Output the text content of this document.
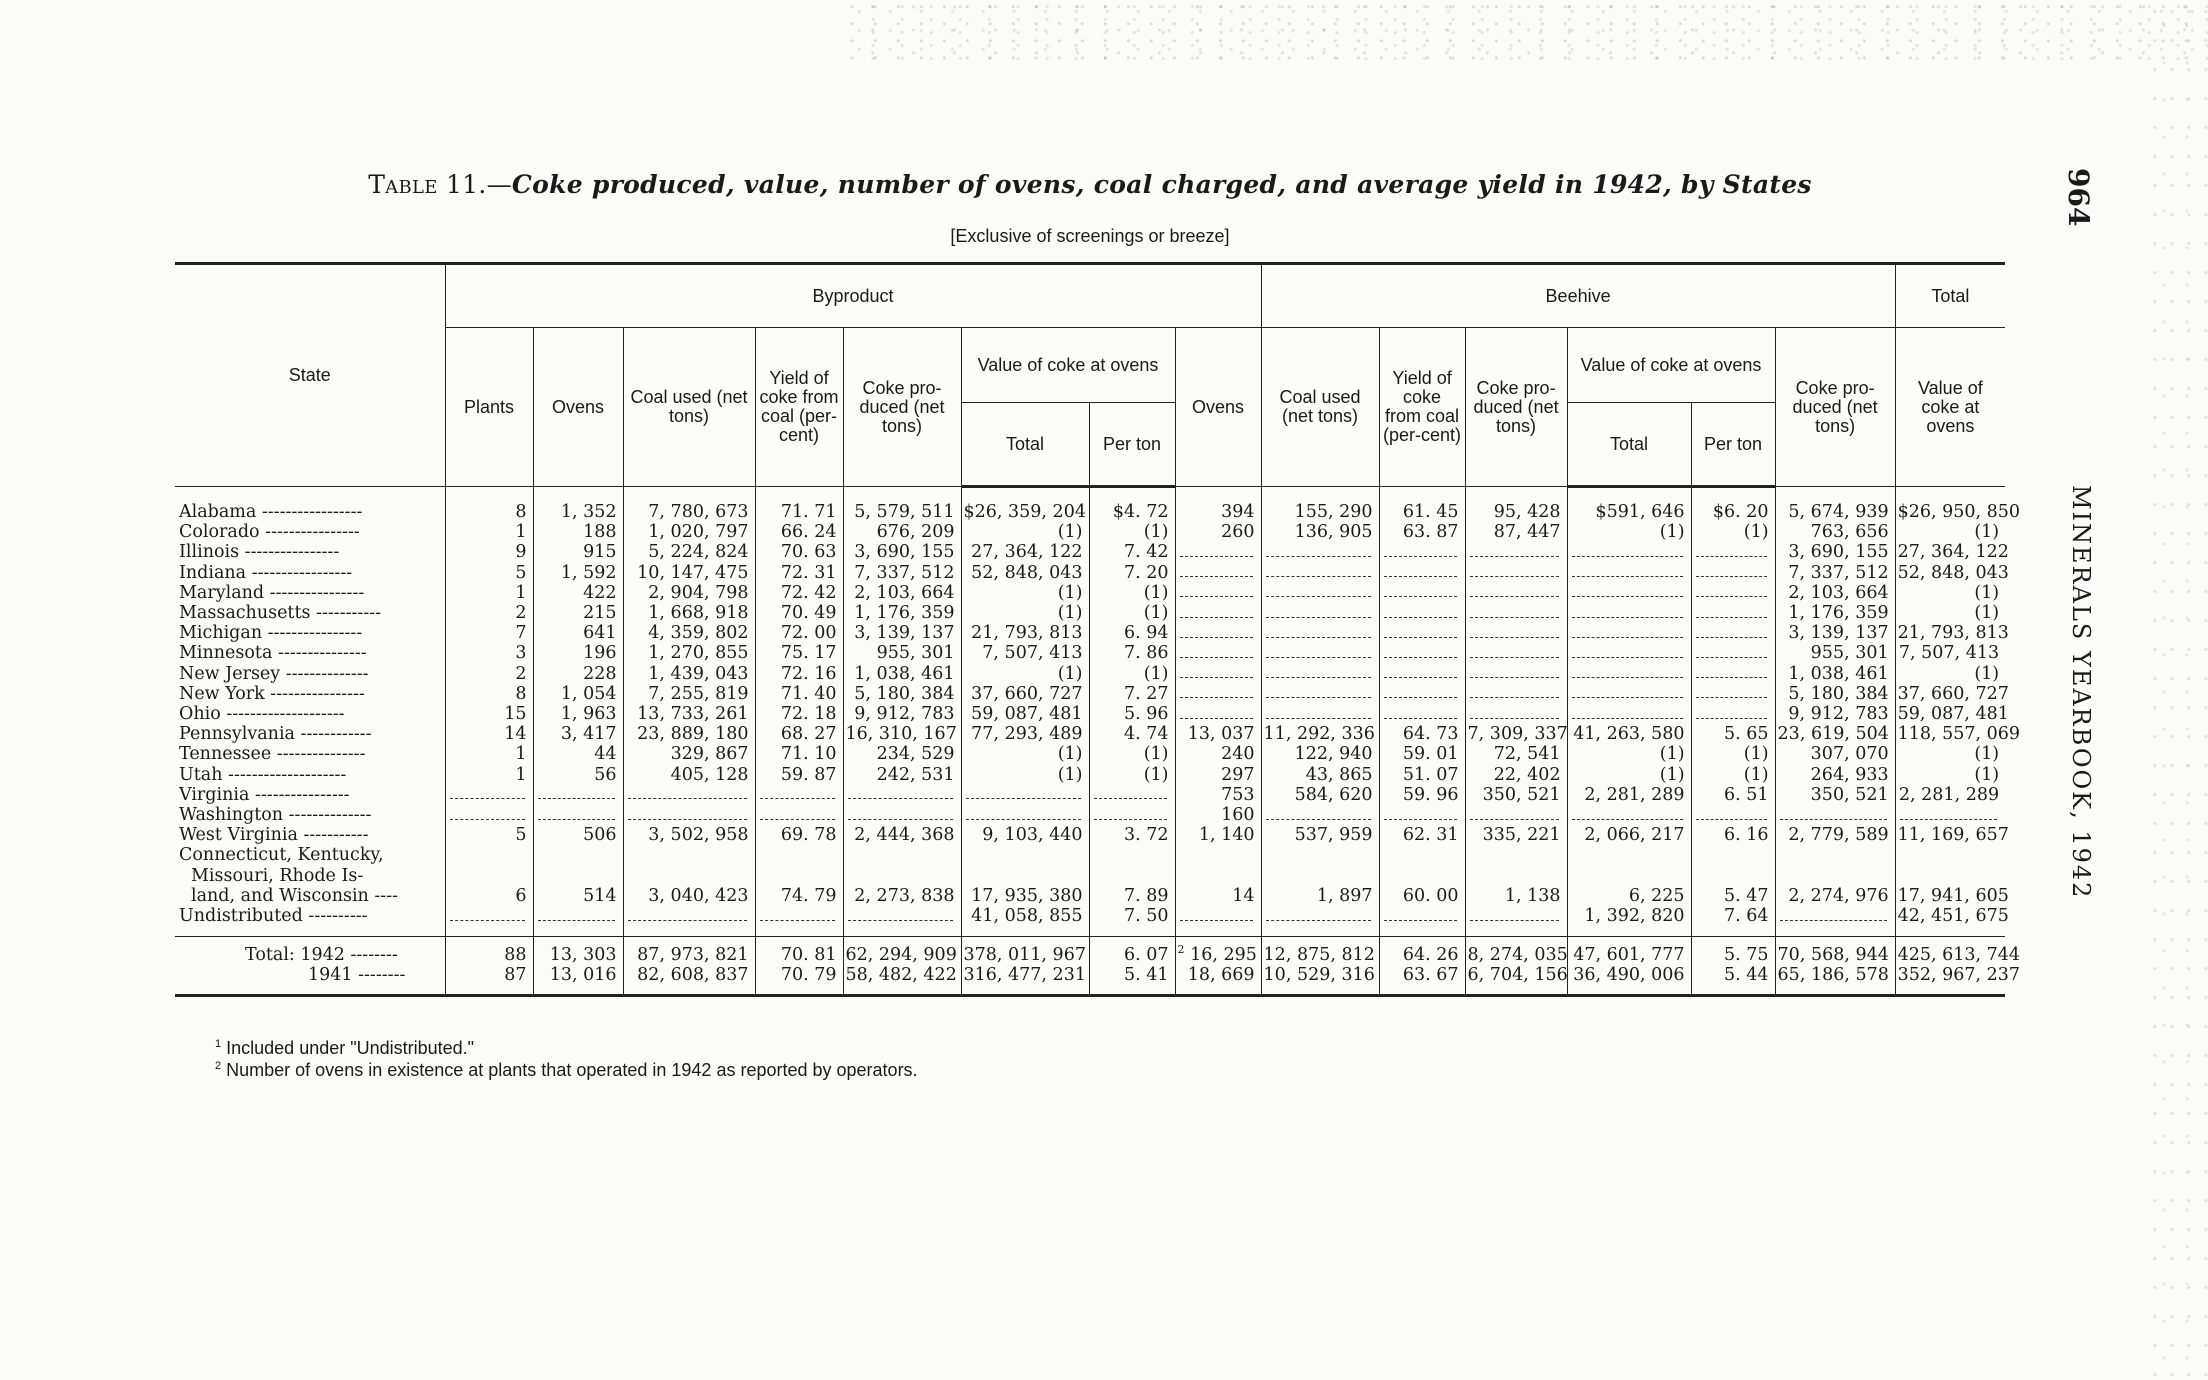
Table 11.—Coke produced, value, number of ovens, coal charged, and average yield in 1942, by States
[Exclusive of screenings or breeze]
964
MINERALS YEARBOOK, 1942
State	Byproduct								Beehive						Total
	Plants	Ovens	Coal used (net tons)	Yield of coke from coal (per-cent)	Coke pro-duced (net tons)	Value of coke at ovens		Ovens	Coal used (net tons)	Yield of coke from coal (per-cent)	Coke pro-duced (net tons)	Value of coke at ovens		Coke pro-duced (net tons)	Value of coke at ovens
						Total	Per ton					Total	Per ton		
Alabama -----------------	8	1, 352	7, 780, 673	71. 71	5, 579, 511	$26, 359, 204	$4. 72	394	155, 290	61. 45	95, 428	$591, 646	$6. 20	5, 674, 939	$26, 950, 850
Colorado ----------------	1	188	1, 020, 797	66. 24	676, 209	(1)	(1)	260	136, 905	63. 87	87, 447	(1)	(1)	763, 656	(1)
Illinois ----------------	9	915	5, 224, 824	70. 63	3, 690, 155	27, 364, 122	7. 42							3, 690, 155	27, 364, 122
Indiana -----------------	5	1, 592	10, 147, 475	72. 31	7, 337, 512	52, 848, 043	7. 20							7, 337, 512	52, 848, 043
Maryland ----------------	1	422	2, 904, 798	72. 42	2, 103, 664	(1)	(1)							2, 103, 664	(1)
Massachusetts -----------	2	215	1, 668, 918	70. 49	1, 176, 359	(1)	(1)							1, 176, 359	(1)
Michigan ----------------	7	641	4, 359, 802	72. 00	3, 139, 137	21, 793, 813	6. 94							3, 139, 137	21, 793, 813
Minnesota ---------------	3	196	1, 270, 855	75. 17	955, 301	7, 507, 413	7. 86							955, 301	7, 507, 413
New Jersey --------------	2	228	1, 439, 043	72. 16	1, 038, 461	(1)	(1)							1, 038, 461	(1)
New York ----------------	8	1, 054	7, 255, 819	71. 40	5, 180, 384	37, 660, 727	7. 27							5, 180, 384	37, 660, 727
Ohio --------------------	15	1, 963	13, 733, 261	72. 18	9, 912, 783	59, 087, 481	5. 96							9, 912, 783	59, 087, 481
Pennsylvania ------------	14	3, 417	23, 889, 180	68. 27	16, 310, 167	77, 293, 489	4. 74	13, 037	11, 292, 336	64. 73	7, 309, 337	41, 263, 580	5. 65	23, 619, 504	118, 557, 069
Tennessee ---------------	1	44	329, 867	71. 10	234, 529	(1)	(1)	240	122, 940	59. 01	72, 541	(1)	(1)	307, 070	(1)
Utah --------------------	1	56	405, 128	59. 87	242, 531	(1)	(1)	297	43, 865	51. 07	22, 402	(1)	(1)	264, 933	(1)
Virginia ----------------								753	584, 620	59. 96	350, 521	2, 281, 289	6. 51	350, 521	2, 281, 289
Washington --------------								160	

West Virginia -----------	5	506	3, 502, 958	69. 78	2, 444, 368	9, 103, 440	3. 72	1, 140	537, 959	62. 31	335, 221	2, 066, 217	6. 16	2, 779, 589	11, 169, 657
Connecticut, Kentucky,															
Missouri, Rhode Is-															
land, and Wisconsin ----	6	514	3, 040, 423	74. 79	2, 273, 838	17, 935, 380	7. 89	14	1, 897	60. 00	1, 138	6, 225	5. 47	2, 274, 976	17, 941, 605
Undistributed ----------						41, 058, 855	7. 50					1, 392, 820	7. 64		42, 451, 675
Total: 1942 --------	88	13, 303	87, 973, 821	70. 81	62, 294, 909	378, 011, 967	6. 07	$^2$ 16, 295	12, 875, 812	64. 26	8, 274, 035	47, 601, 777	5. 75	70, 568, 944	425, 613, 744
1941 --------	87	13, 016	82, 608, 837	70. 79	58, 482, 422	316, 477, 231	5. 41	18, 669	10, 529, 316	63. 67	6, 704, 156	36, 490, 006	5. 44	65, 186, 578	352, 967, 237
$^1$ Included under "Undistributed."
$^2$ Number of ovens in existence at plants that operated in 1942 as reported by operators.
